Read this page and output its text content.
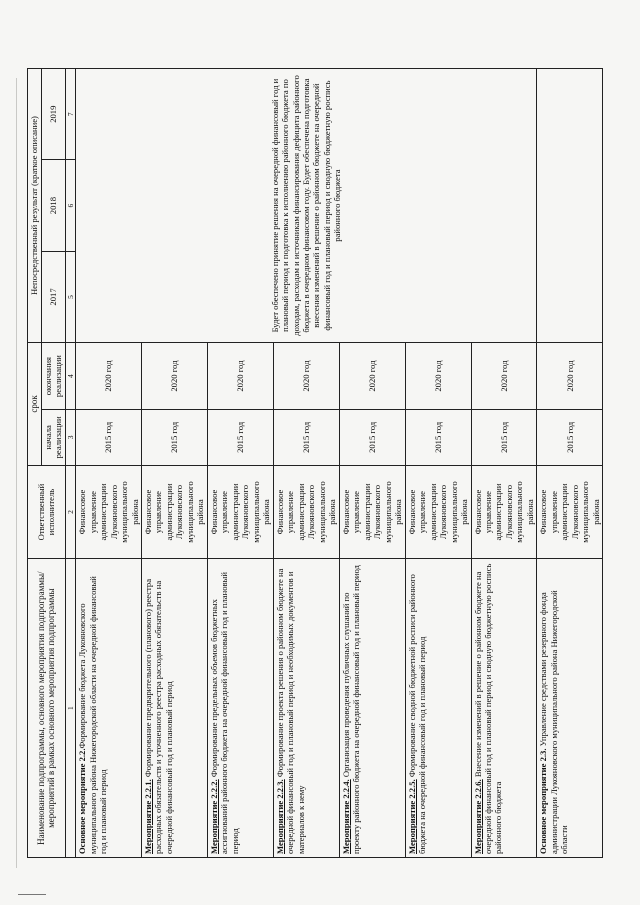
Наименование подпрограммы, основного мероприятия подпрограммы/мероприятий в рамках основного мероприятия подпрограммы	Ответственный исполнитель	срок		Непосредственный результат (краткое описание)		
		начала реализации	окончания реализации	2017	2018	2019
1	2	3	4	5	6	7
Основное мероприятие 2.2.Формирование бюджета Лукояновского муниципального района Нижегородской области на очередной финансовый год и плановый период	Финансовое управление администрации Лукояновского муниципального района	2015 год	2020 год	Будет обеспечено принятие решения на очередной финансовый год и плановый период и подготовка к исполнению районного бюджета по доходам, расходам и источникам финансирования дефицита районного бюджета в очередном финансовом году. Будет обеспечена подготовка внесения изменений в решение о районном бюджете на очередной финансовый год и плановый период и сводную бюджетную роспись районного бюджета		
Мероприятие 2.2.1. Формирование предварительного (планового) реестра расходных обязательств и уточненного реестра расходных обязательств на очередной финансовый год и плановый период	Финансовое управление администрации Лукояновского муниципального района	2015 год	2020 год			
Мероприятие 2.2.2. Формирование предельных объемов бюджетных ассигнований районного бюджета на очередной финансовый год и плановый период	Финансовое управление администрации Лукояновского муниципального района	2015 год	2020 год			
Мероприятие 2.2.3. Формирование проекта решения о районном бюджете на очередной финансовый год и плановый период и необходимых документов и материалов к нему	Финансовое управление администрации Лукояновского муниципального района	2015 год	2020 год			
Мероприятие 2.2.4. Организация проведения публичных слушаний по проекту районного бюджета на очередной финансовый год и плановый период	Финансовое управление администрации Лукояновского муниципального района	2015 год	2020 год			
Мероприятие 2.2.5. Формирование сводной бюджетной росписи районного бюджета на очередной финансовый год и плановый период	Финансовое управление администрации Лукояновского муниципального района	2015 год	2020 год			
Мероприятие 2.2.6. Внесение изменений в решение о районном бюджете на очередной финансовый год и плановый период и сводную бюджетную роспись районного бюджета	Финансовое управление администрации Лукояновского муниципального района	2015 год	2020 год			
Основное мероприятие 2.3. Управление средствами резервного фонда администрации Лукояновского муниципального района Нижегородской области	Финансовое управление администрации Лукояновского муниципального района	2015 год	2020 год			
